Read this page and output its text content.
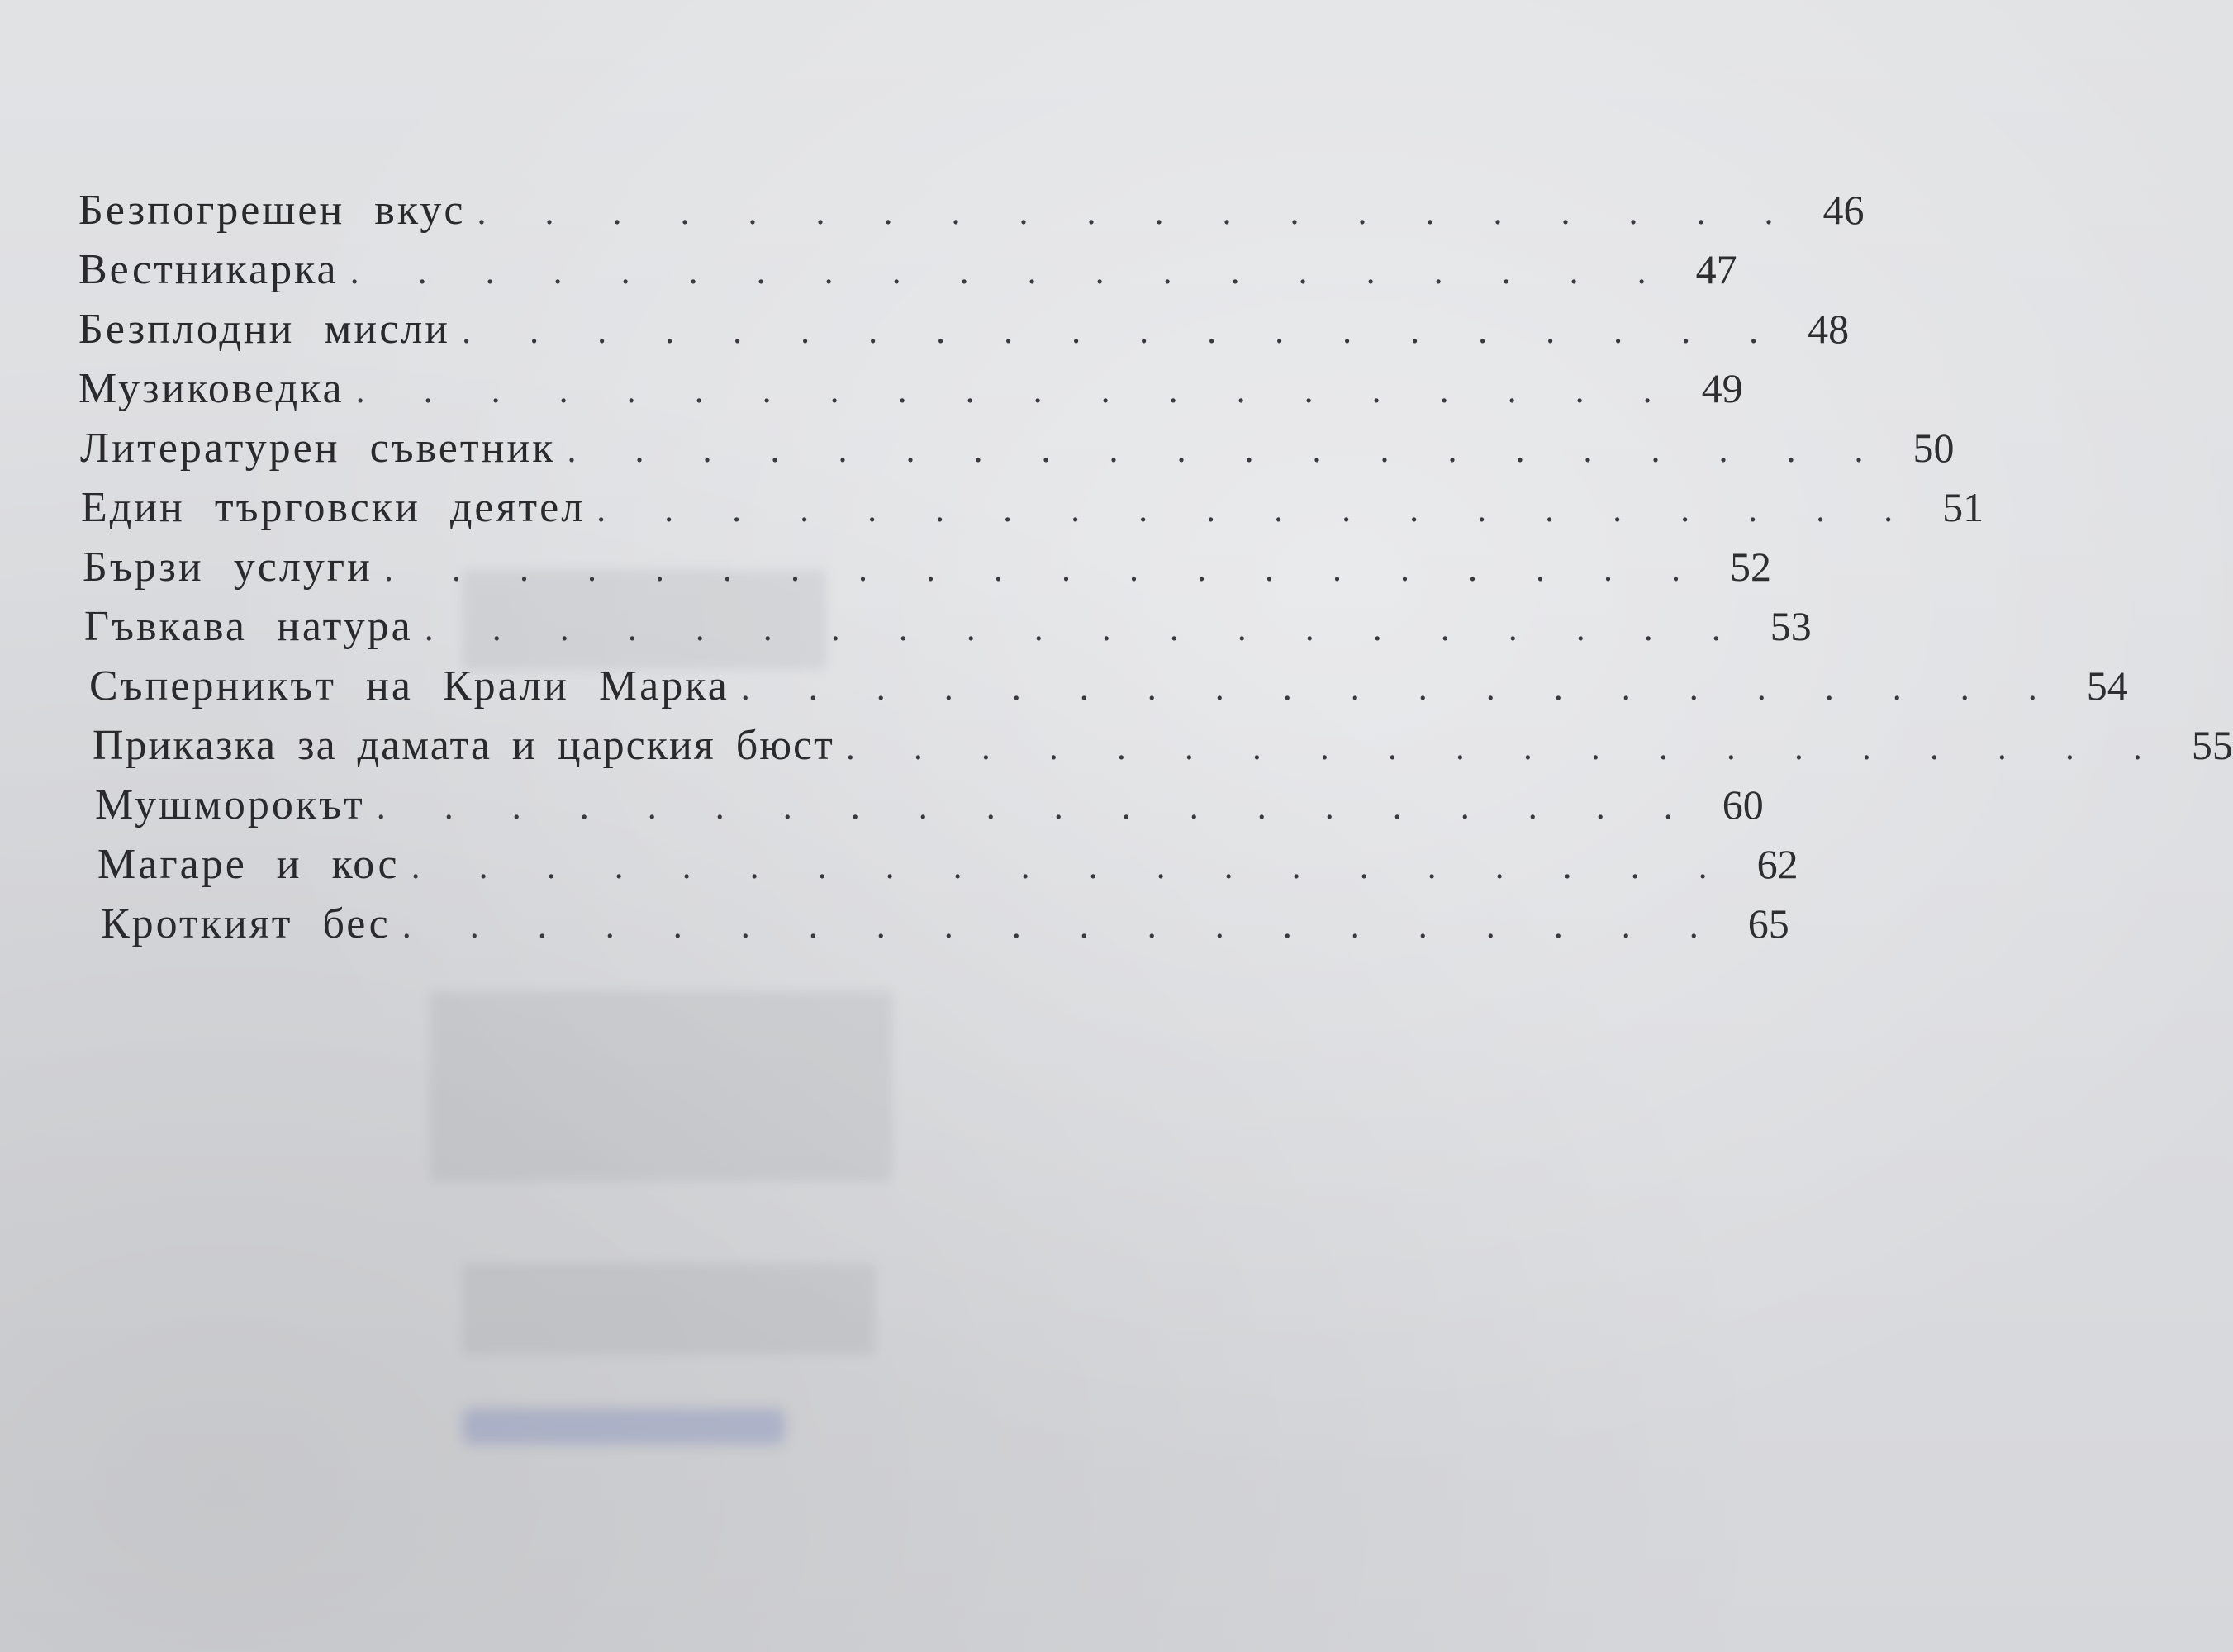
Безпогрешен вкус . . . . . . . . . . . . . . . . . . . . 46
Вестникарка . . . . . . . . . . . . . . . . . . . . 47
Безплодни мисли . . . . . . . . . . . . . . . . . . . . 48
Музиковедка . . . . . . . . . . . . . . . . . . . . 49
Литературен съветник . . . . . . . . . . . . . . . . . . . . 50
Един търговски деятел . . . . . . . . . . . . . . . . . . . . 51
Бързи услуги . . . . . . . . . . . . . . . . . . . . 52
Гъвкава натура . . . . . . . . . . . . . . . . . . . . 53
Съперникът на Крали Марка . . . . . . . . . . . . . . . . . . . . 54
Приказка за дамата и царския бюст . . . . . . . . . . . . . . . . . . . . 55
Мушморокът . . . . . . . . . . . . . . . . . . . . 60
Магаре и кос . . . . . . . . . . . . . . . . . . . . 62
Кроткият бес . . . . . . . . . . . . . . . . . . . . 65
